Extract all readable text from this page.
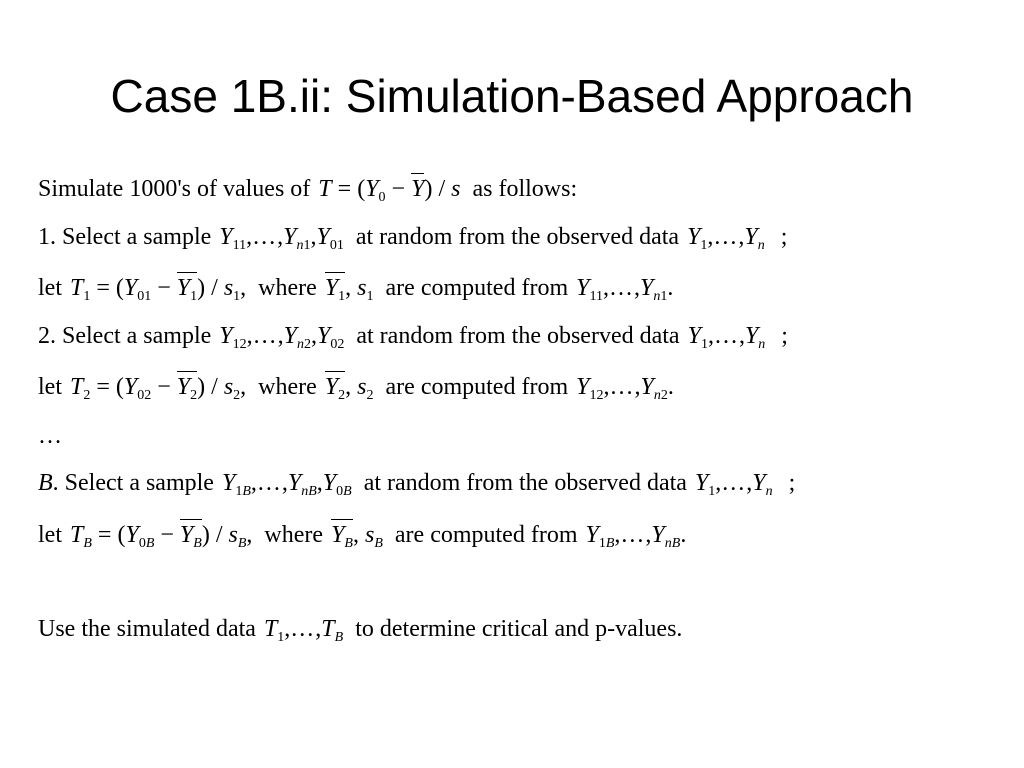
Case 1B.ii: Simulation-Based Approach
Simulate 1000's of values of $T = (Y_0 - Y) / s$ as follows:
1. Select a sample $Y_{11},\dots,Y_{n1},Y_{01}$ at random from the observed data $Y_1,\dots,Y_n$ ;
let $T_1 = (Y_{01} - Y_1) / s_1$, where $Y_1$, $s_1$ are computed from $Y_{11},\dots,Y_{n1}$.
2. Select a sample $Y_{12},\dots,Y_{n2},Y_{02}$ at random from the observed data $Y_1,\dots,Y_n$ ;
let $T_2 = (Y_{02} - Y_2) / s_2$, where $Y_2$, $s_2$ are computed from $Y_{12},\dots,Y_{n2}$.
…
B. Select a sample $Y_{1B},\dots,Y_{nB},Y_{0B}$ at random from the observed data $Y_1,\dots,Y_n$ ;
let $T_B = (Y_{0B} - Y_B) / s_B$, where $Y_B$, $s_B$ are computed from $Y_{1B},\dots,Y_{nB}$.
Use the simulated data $T_1,\dots,T_B$ to determine critical and p-values.
